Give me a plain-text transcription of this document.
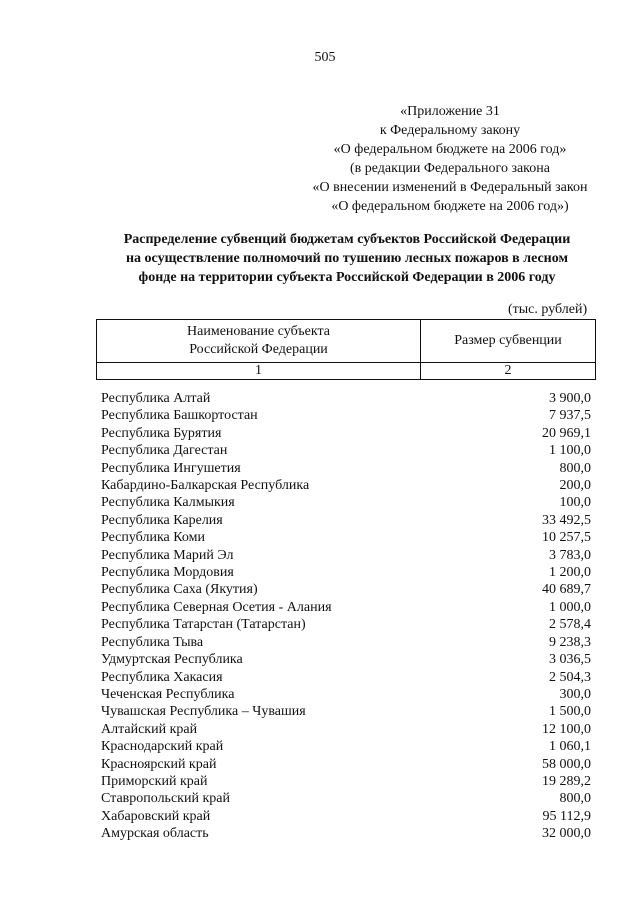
505
«Приложение 31
к Федеральному закону
«О федеральном бюджете на 2006 год»
(в редакции Федерального закона
«О внесении изменений в Федеральный закон
«О федеральном бюджете на 2006 год»)
Распределение субвенций бюджетам субъектов Российской Федерации
на осуществление полномочий по тушению лесных пожаров в лесном
фонде на территории субъекта Российской Федерации в 2006 году
(тыс. рублей)
Наименование субъекта
Российской Федерации	Размер субвенции
1	2
Республика Алтай	3 900,0
Республика Башкортостан	7 937,5
Республика Бурятия	20 969,1
Республика Дагестан	1 100,0
Республика Ингушетия	800,0
Кабардино-Балкарская Республика	200,0
Республика Калмыкия	100,0
Республика Карелия	33 492,5
Республика Коми	10 257,5
Республика Марий Эл	3 783,0
Республика Мордовия	1 200,0
Республика Саха (Якутия)	40 689,7
Республика Северная Осетия - Алания	1 000,0
Республика Татарстан (Татарстан)	2 578,4
Республика Тыва	9 238,3
Удмуртская Республика	3 036,5
Республика Хакасия	2 504,3
Чеченская Республика	300,0
Чувашская Республика – Чувашия	1 500,0
Алтайский край	12 100,0
Краснодарский край	1 060,1
Красноярский край	58 000,0
Приморский край	19 289,2
Ставропольский край	800,0
Хабаровский край	95 112,9
Амурская область	32 000,0
